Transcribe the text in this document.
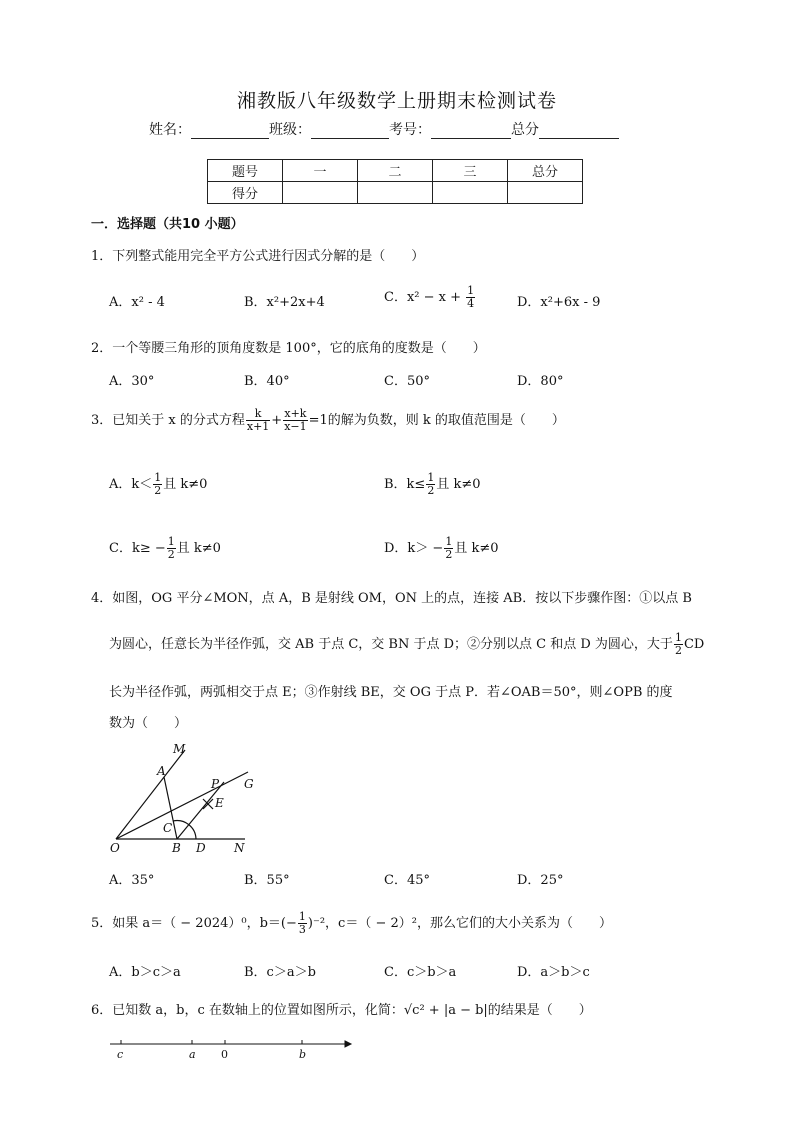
湘教版八年级数学上册期末检测试卷
姓名：	班级：	考号：	总分
题号	一	二	三	总分
得分				
一．选择题（共10 小题）
1．下列整式能用完全平方公式进行因式分解的是（　　）
A．x² - 4	B．x²+2x+4	C．$x^2 - x + \frac{1}{4}$	D．x²+6x - 9
2．一个等腰三角形的顶角度数是 100°，它的底角的度数是（　　）
A．30°	B．40°	C．50°	D．80°
3．已知关于 x 的分式方程 $\frac{k}{x+1} + \frac{x+k}{x-1} =1$的解为负数，则 k 的取值范围是（　　）
A．$k< \frac{1}{2}$ 且 k≠0	B．$k\le \frac{1}{2}$ 且 k≠0
C．$k\ge - \frac{1}{2}$ 且 k≠0	D．$k> - \frac{1}{2}$ 且 k≠0
4．如图，OG 平分∠MON，点 A，B 是射线 OM，ON 上的点，连接 AB．按以下步骤作图：①以点 B
为圆心，任意长为半径作弧，交 AB 于点 C，交 BN 于点 D；②分别以点 C 和点 D 为圆心，大于 $\frac{1}{2}$ CD
长为半径作弧，两弧相交于点 E；③作射线 BE，交 OG 于点 P．若∠OAB＝50°，则∠OPB 的度
数为（　　）
M
A
P G
E
C
O	B D N
A．35°	B．55°	C．45°	D．25°
5．如果 a＝（ − 2024）⁰，$b=(- \frac{1}{3} )^{-2}$，c＝（ − 2）²，那么它们的大小关系为（　　）
A．b＞c＞a	B．c＞a＞b	C．c＞b＞a	D．a＞b＞c
6．已知数 a，b，c 在数轴上的位置如图所示，化简：√c² + |a − b|的结果是（　　）
c	a 0	b
